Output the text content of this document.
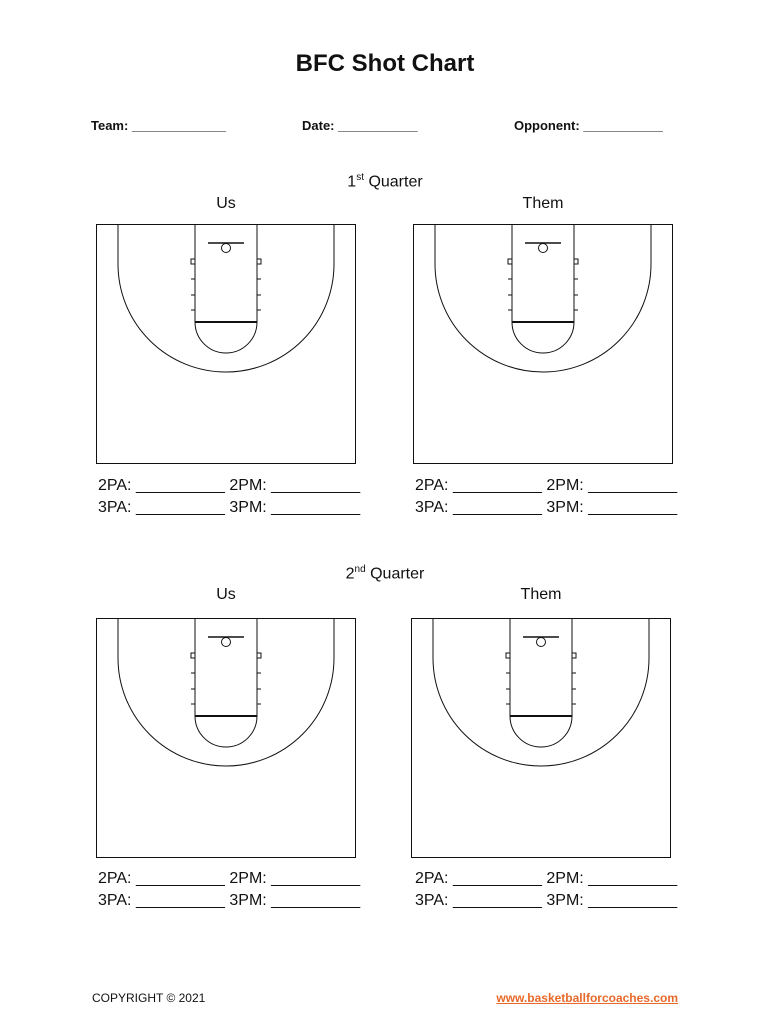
BFC Shot Chart
Team: _____________	Date: ___________	Opponent: ___________
1st Quarter
Us	Them
2PA: __________ 2PM: __________
3PA: __________ 3PM: __________
2PA: __________ 2PM: __________
3PA: __________ 3PM: __________
2nd Quarter
Us	Them
2PA: __________ 2PM: __________
3PA: __________ 3PM: __________
2PA: __________ 2PM: __________
3PA: __________ 3PM: __________
COPYRIGHT © 2021	www.basketballforcoaches.com
